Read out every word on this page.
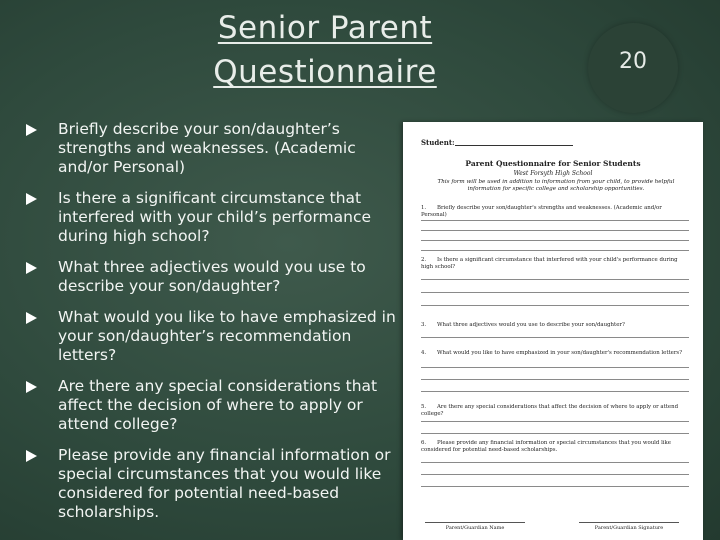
Senior Parent Questionnaire	20
Briefly describe your son/daughter’s strengths and weaknesses. (Academic and/or Personal)
Is there a significant circumstance that interfered with your child’s performance during high school?
What three adjectives would you use to describe your son/daughter?
What would you like to have emphasized in your son/daughter’s recommendation letters?
Are there any special considerations that affect the decision of where to apply or attend college?
Please provide any financial information or special circumstances that you would like considered for potential need-based scholarships.
Student:
Parent Questionnaire for Senior Students
West Forsyth High School
This form will be used in addition to information from your child, to provide helpful information for specific college and scholarship opportunities.
1. Briefly describe your son/daughter's strengths and weaknesses. (Academic and/or Personal)
2. Is there a significant circumstance that interfered with your child's performance during high school?
3. What three adjectives would you use to describe your son/daughter?
4. What would you like to have emphasized in your son/daughter's recommendation letters?
5. Are there any special considerations that affect the decision of where to apply or attend college?
6. Please provide any financial information or special circumstances that you would like considered for potential need-based scholarships.
Parent/Guardian Name	Parent/Guardian Signature
